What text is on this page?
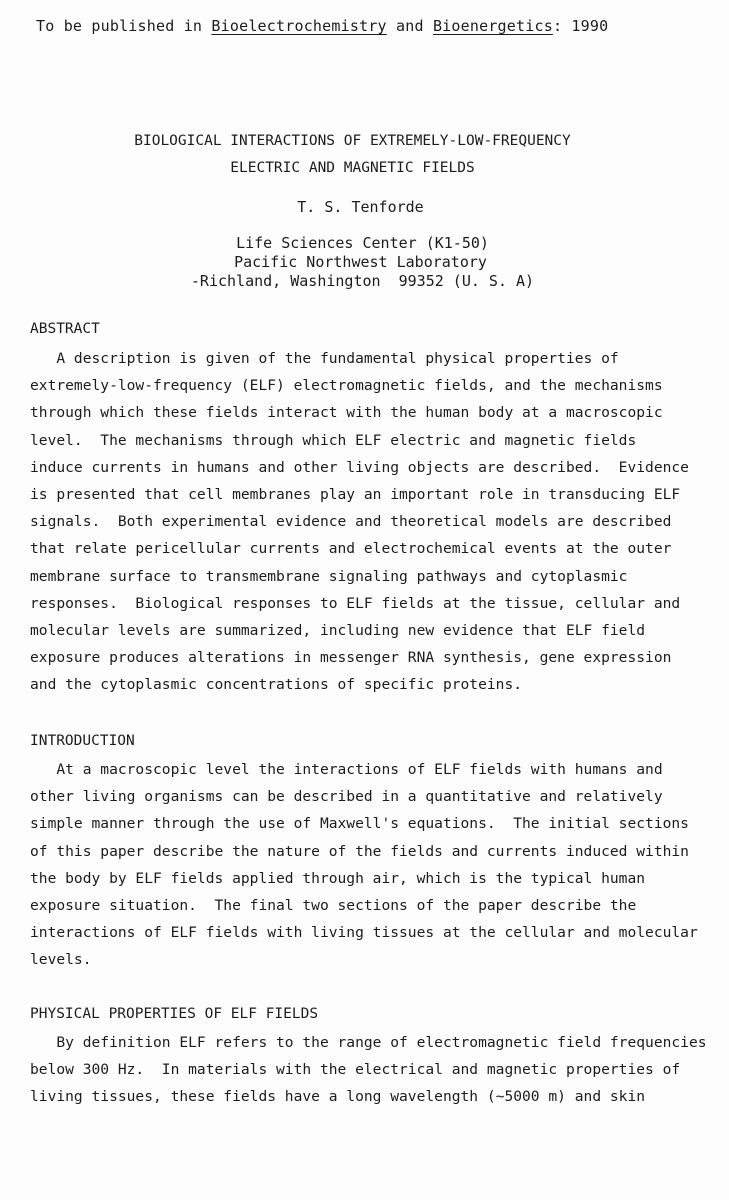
To be published in Bioelectrochemistry and Bioenergetics: 1990
BIOLOGICAL INTERACTIONS OF EXTREMELY-LOW-FREQUENCY
ELECTRIC AND MAGNETIC FIELDS
T. S. Tenforde
Life Sciences Center (K1-50)
Pacific Northwest Laboratory
-Richland, Washington  99352 (U. S. A)
ABSTRACT
A description is given of the fundamental physical properties of
extremely-low-frequency (ELF) electromagnetic fields, and the mechanisms
through which these fields interact with the human body at a macroscopic
level.  The mechanisms through which ELF electric and magnetic fields
induce currents in humans and other living objects are described.  Evidence
is presented that cell membranes play an important role in transducing ELF
signals.  Both experimental evidence and theoretical models are described
that relate pericellular currents and electrochemical events at the outer
membrane surface to transmembrane signaling pathways and cytoplasmic
responses.  Biological responses to ELF fields at the tissue, cellular and
molecular levels are summarized, including new evidence that ELF field
exposure produces alterations in messenger RNA synthesis, gene expression
and the cytoplasmic concentrations of specific proteins.
INTRODUCTION
At a macroscopic level the interactions of ELF fields with humans and
other living organisms can be described in a quantitative and relatively
simple manner through the use of Maxwell's equations.  The initial sections
of this paper describe the nature of the fields and currents induced within
the body by ELF fields applied through air, which is the typical human
exposure situation.  The final two sections of the paper describe the
interactions of ELF fields with living tissues at the cellular and molecular
levels.
PHYSICAL PROPERTIES OF ELF FIELDS
By definition ELF refers to the range of electromagnetic field frequencies
below 300 Hz.  In materials with the electrical and magnetic properties of
living tissues, these fields have a long wavelength (~5000 m) and skin
